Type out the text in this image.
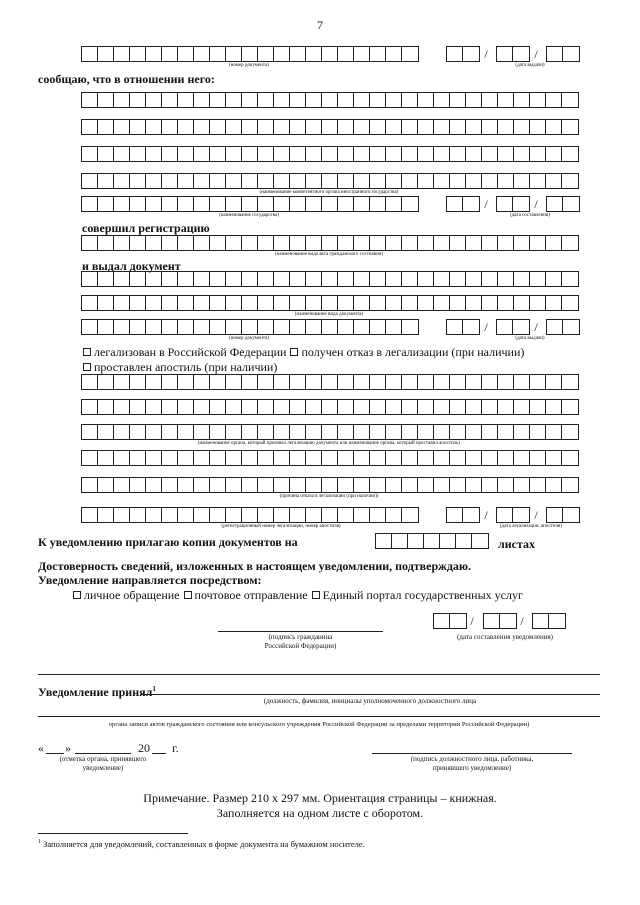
7
(номер документа)
/	/
(дата выдачи)
сообщаю, что в отношении него:
(наименование компетентного органа иностранного государства)
(наименование государства)
/	/
(дата составления)
совершил регистрацию
(наименование вида акта гражданского состояния)
и выдал документ
(наименование вида документа)
(номер документа)
/	/
(дата выдачи)
легализован в Российской Федерации получен отказ в легализации (при наличии)
проставлен апостиль (при наличии)
(наименование органа, который произвел легализацию документа или наименование органа, который проставил апостиль)
(причина отказа в легализации (при наличии))
(регистрационный номер легализации, номер апостиля)
/	/
(дата легализации, апостиля)
К уведомлению прилагаю копии документов на	листах
Достоверность сведений, изложенных в настоящем уведомлении, подтверждаю.
Уведомление направляется посредством:
личное обращение почтовое отправление Единый портал государственных услуг
(подпись гражданина
Российской Федерации)
/	/
(дата составления уведомления)
Уведомление принял$^1$
(должность, фамилия, инициалы уполномоченного должностного лица
органа записи актов гражданского состояния или консульского учреждения Российской Федерации за пределами территории Российской Федерации)
« »	20 г.
(отметка органа, принявшего
уведомление)
(подпись должностного лица, работника,
принявшего уведомление)
Примечание. Размер 210 х 297 мм. Ориентация страницы – книжная.
Заполняется на одном листе с оборотом.
$^1$ Заполняется для уведомлений, составленных в форме документа на бумажном носителе.
